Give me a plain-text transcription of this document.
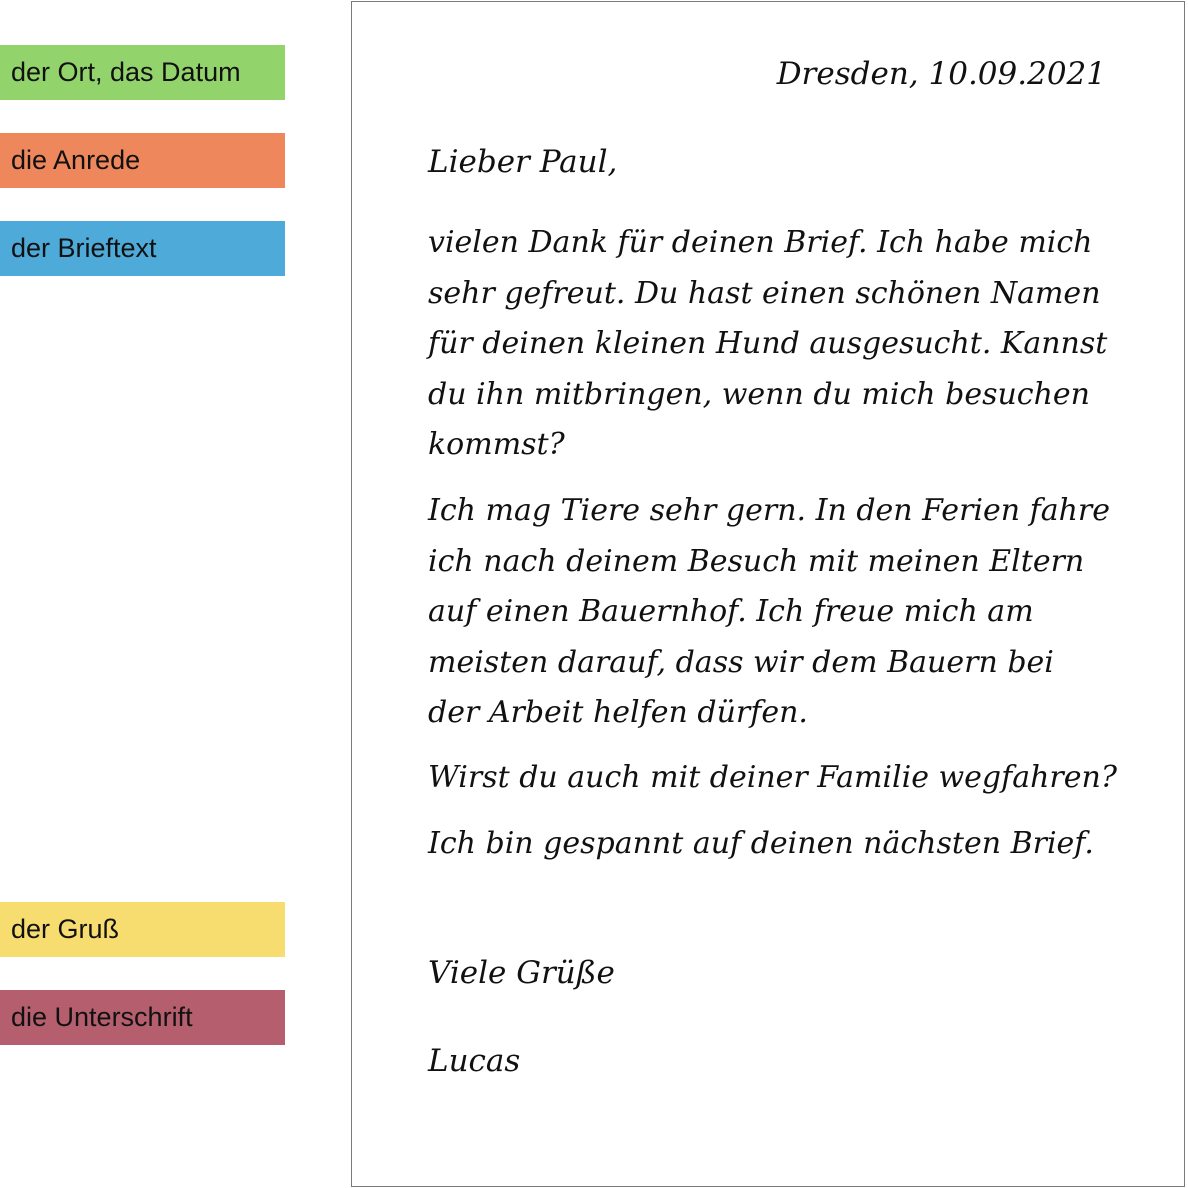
der Ort, das Datum
die Anrede
der Brieftext
der Gruß
die Unterschrift

Dresden, 10.09.2021

Lieber Paul,

vielen Dank für deinen Brief. Ich habe mich
sehr gefreut. Du hast einen schönen Namen
für deinen kleinen Hund ausgesucht. Kannst
du ihn mitbringen, wenn du mich besuchen
kommst?
Ich mag Tiere sehr gern. In den Ferien fahre
ich nach deinem Besuch mit meinen Eltern
auf einen Bauernhof. Ich freue mich am
meisten darauf, dass wir dem Bauern bei
der Arbeit helfen dürfen.
Wirst du auch mit deiner Familie wegfahren?
Ich bin gespannt auf deinen nächsten Brief.

Viele Grüße

Lucas
